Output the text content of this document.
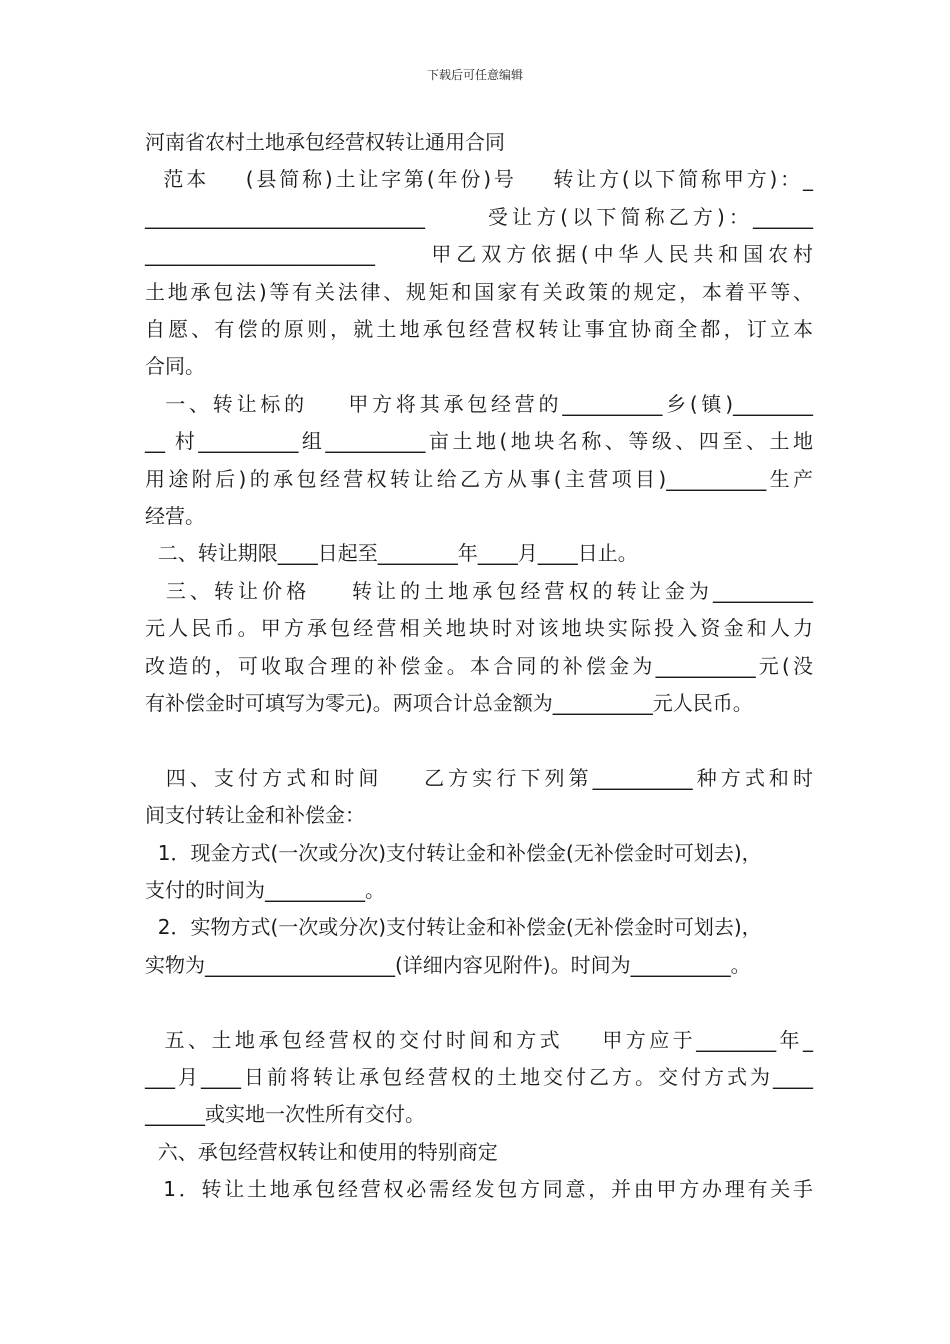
下载后可任意编辑
河南省农村土地承包经营权转让通用合同
范本    (县简称)土让字第(年份)号    转让方(以下简称甲方)：_
____________________________      受让方(以下简称乙方)：______
_______________________     甲乙双方依据(中华人民共和国农村
土地承包法)等有关法律、规矩和国家有关政策的规定，本着平等、
自愿、有偿的原则，就土地承包经营权转让事宜协商全都，订立本
合同。
一、转让标的    甲方将其承包经营的__________乡(镇)________
__ 村__________组__________亩土地(地块名称、等级、四至、土地
用途附后)的承包经营权转让给乙方从事(主营项目)__________生产
经营。
二、转让期限____日起至________年____月____日止。
三、转让价格    转让的土地承包经营权的转让金为__________
元人民币。甲方承包经营相关地块时对该地块实际投入资金和人力
改造的，可收取合理的补偿金。本合同的补偿金为__________元(没
有补偿金时可填写为零元)。两项合计总金额为__________元人民币。
四、支付方式和时间    乙方实行下列第__________种方式和时
间支付转让金和补偿金：
1．现金方式(一次或分次)支付转让金和补偿金(无补偿金时可划去)，
支付的时间为__________。
2．实物方式(一次或分次)支付转让金和补偿金(无补偿金时可划去)，
实物为___________________(详细内容见附件)。时间为__________。
五、土地承包经营权的交付时间和方式    甲方应于________年_
___月____日前将转让承包经营权的土地交付乙方。交付方式为____
______或实地一次性所有交付。
六、承包经营权转让和使用的特别商定
1．转让土地承包经营权必需经发包方同意，并由甲方办理有关手
